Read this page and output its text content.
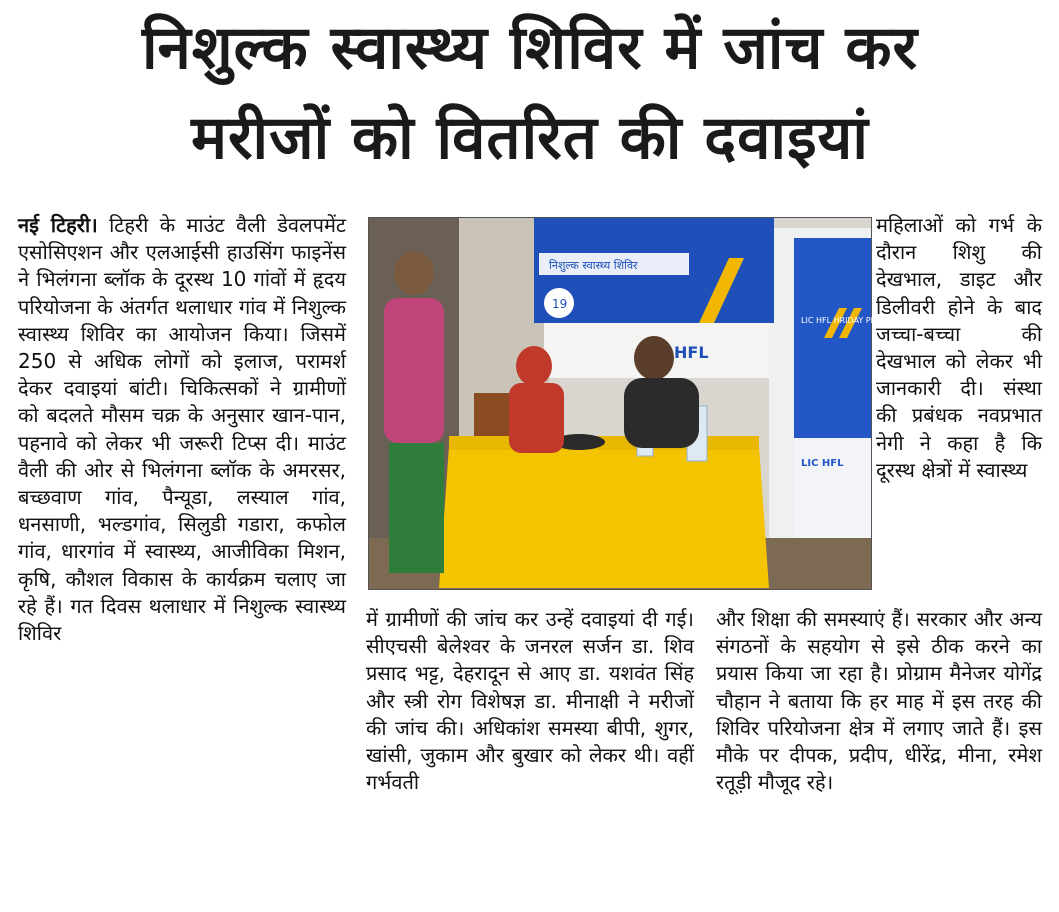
निशुल्क स्वास्थ्य शिविर में जांच कर
मरीजों को वितरित की दवाइयां
नई टिहरी। टिहरी के माउंट वैली डेवलपमेंट एसोसिएशन और एलआईसी हाउसिंग फाइनेंस ने भिलंगना ब्लॉक के दूरस्थ 10 गांवों में हृदय परियोजना के अंतर्गत थलाधार गांव में निशुल्क स्वास्थ्य शिविर का आयोजन किया। जिसमें 250 से अधिक लोगों को इलाज, परामर्श देकर दवाइयां बांटी। चिकित्सकों ने ग्रामीणों को बदलते मौसम चक्र के अनुसार खान-पान, पहनावे को लेकर भी जरूरी टिप्स दी। माउंट वैली की ओर से भिलंगना ब्लॉक के अमरसर, बच्छवाण गांव, पैन्यूडा, लस्याल गांव, धनसाणी, भल्डगांव, सिलुडी गडारा, कफोल गांव, धारगांव में स्वास्थ्य, आजीविका मिशन, कृषि, कौशल विकास के कार्यक्रम चलाए जा रहे हैं। गत दिवस थलाधार में निशुल्क स्वास्थ्य शिविर
निशुल्क स्वास्थ्य शिविर
19
HFL
LIC HFL HRIDAY PROJ
LIC HFL
में ग्रामीणों की जांच कर उन्हें दवाइयां दी गई। सीएचसी बेलेश्वर के जनरल सर्जन डा. शिव प्रसाद भट्ट, देहरादून से आए डा. यशवंत सिंह और स्त्री रोग विशेषज्ञ डा. मीनाक्षी ने मरीजों की जांच की। अधिकांश समस्या बीपी, शुगर, खांसी, जुकाम और बुखार को लेकर थी। वहीं गर्भवती
महिलाओं को गर्भ के दौरान शिशु की देखभाल, डाइट और डिलीवरी होने के बाद जच्चा-बच्चा की देखभाल को लेकर भी जानकारी दी। संस्था की प्रबंधक नवप्रभात नेगी ने कहा है कि दूरस्थ क्षेत्रों में स्वास्थ्य
और शिक्षा की समस्याएं हैं। सरकार और अन्य संगठनों के सहयोग से इसे ठीक करने का प्रयास किया जा रहा है। प्रोग्राम मैनेजर योगेंद्र चौहान ने बताया कि हर माह में इस तरह की शिविर परियोजना क्षेत्र में लगाए जाते हैं। इस मौके पर दीपक, प्रदीप, धीरेंद्र, मीना, रमेश रतूड़ी मौजूद रहे।
